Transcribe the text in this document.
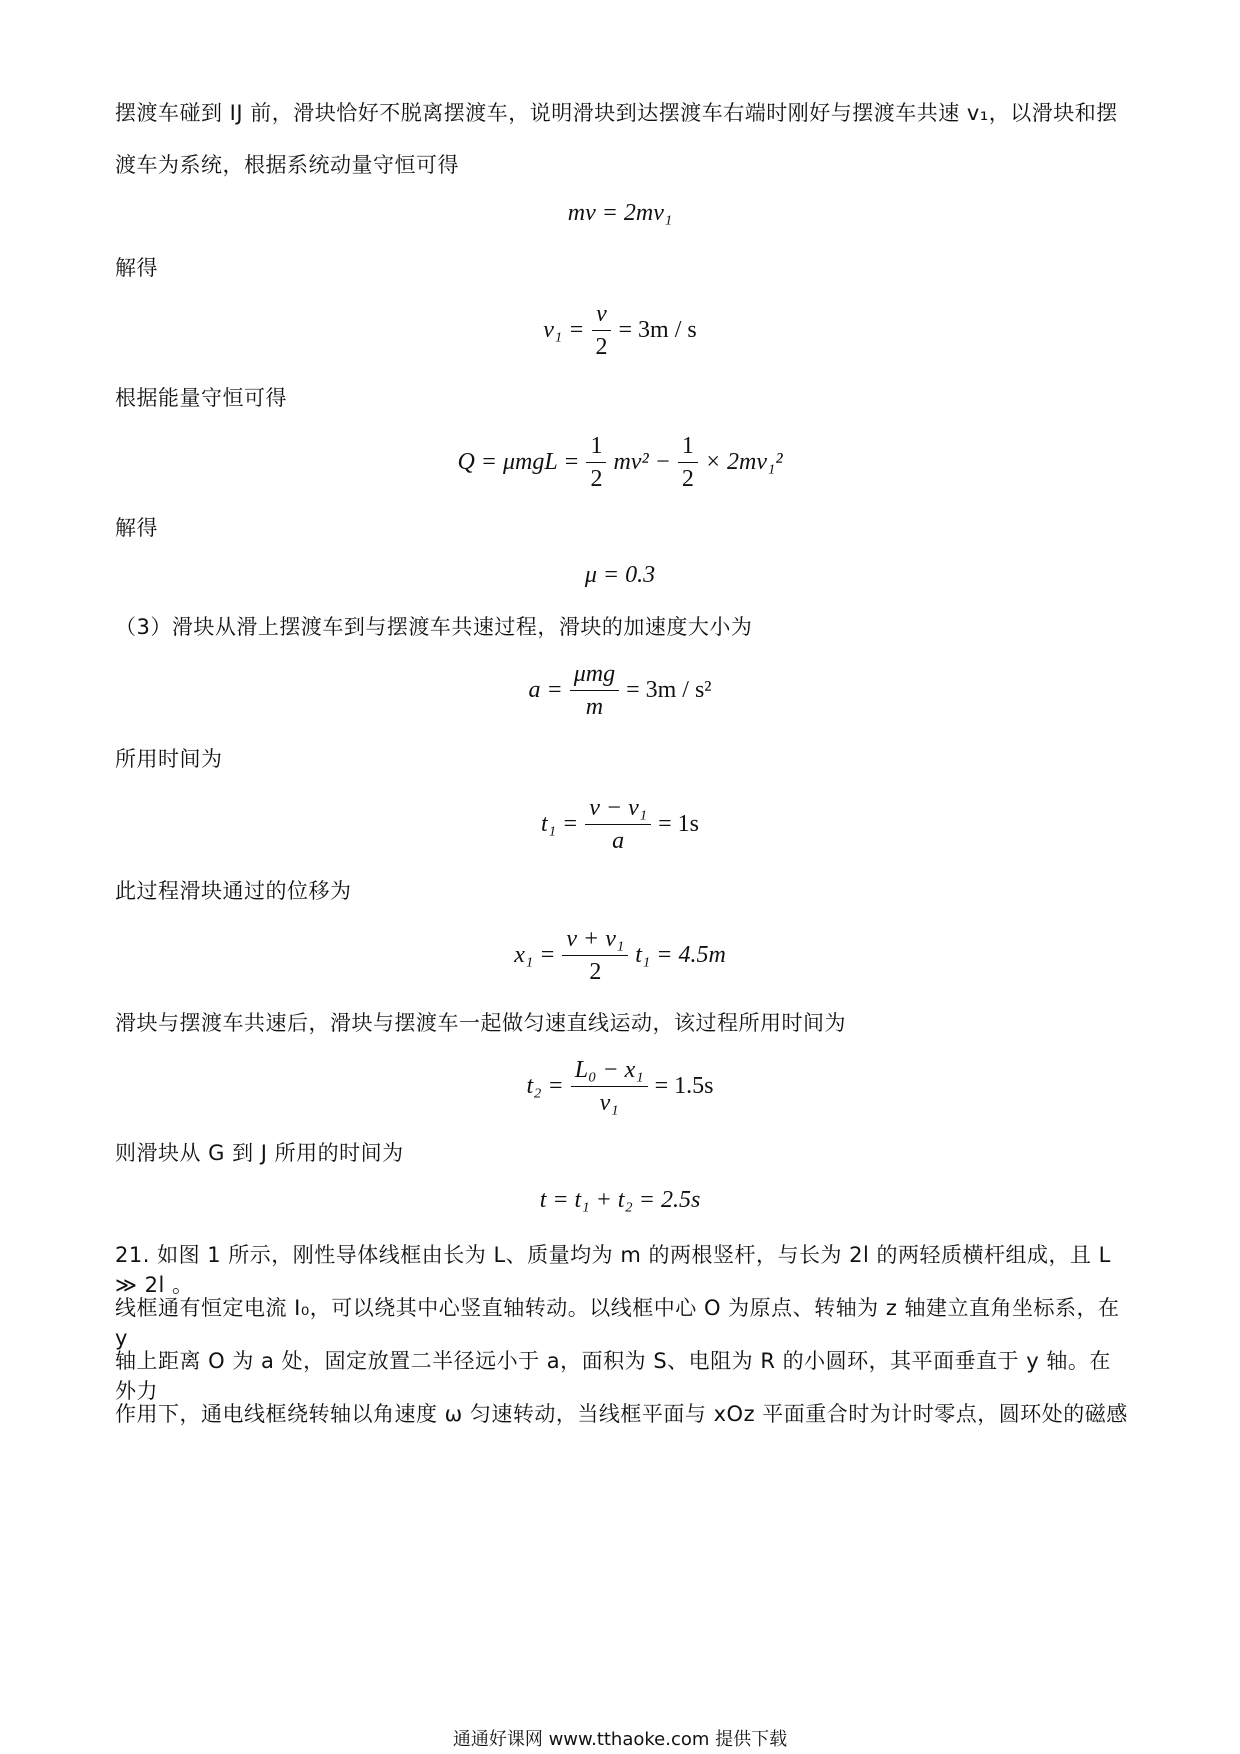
摆渡车碰到 IJ 前，滑块恰好不脱离摆渡车，说明滑块到达摆渡车右端时刚好与摆渡车共速 v₁，以滑块和摆
渡车为系统，根据系统动量守恒可得
mv = 2mv₁
解得
$v_1 = \frac{v}{2} = 3m / s$
根据能量守恒可得
$Q = \mu mgL = \frac{1}{2} mv^2 - \frac{1}{2} \times 2mv_1^2$
解得
μ = 0.3
（3）滑块从滑上摆渡车到与摆渡车共速过程，滑块的加速度大小为
$a = \frac{\text{μmg}}{m} = 3m / s^2$
所用时间为
$t_1 = \frac{\text{v − v₁}}{a} = 1s$
此过程滑块通过的位移为
$x_1 = \frac{\text{v + v₁}}{2} t_1 = 4.5m$
滑块与摆渡车共速后，滑块与摆渡车一起做匀速直线运动，该过程所用时间为
$t_2 = \frac{\text{L₀ − x₁}}{\text{v₁}} = 1.5s$
则滑块从 G 到 J 所用的时间为
t = t₁ + t₂ = 2.5s
21. 如图 1 所示，刚性导体线框由长为 L、质量均为 m 的两根竖杆，与长为 2l 的两轻质横杆组成，且 L ≫ 2l 。
线框通有恒定电流 I₀，可以绕其中心竖直轴转动。以线框中心 O 为原点、转轴为 z 轴建立直角坐标系，在 y
轴上距离 O 为 a 处，固定放置二半径远小于 a，面积为 S、电阻为 R 的小圆环，其平面垂直于 y 轴。在外力
作用下，通电线框绕转轴以角速度 ω 匀速转动，当线框平面与 xOz 平面重合时为计时零点，圆环处的磁感
通通好课网 www.tthaoke.com 提供下载
